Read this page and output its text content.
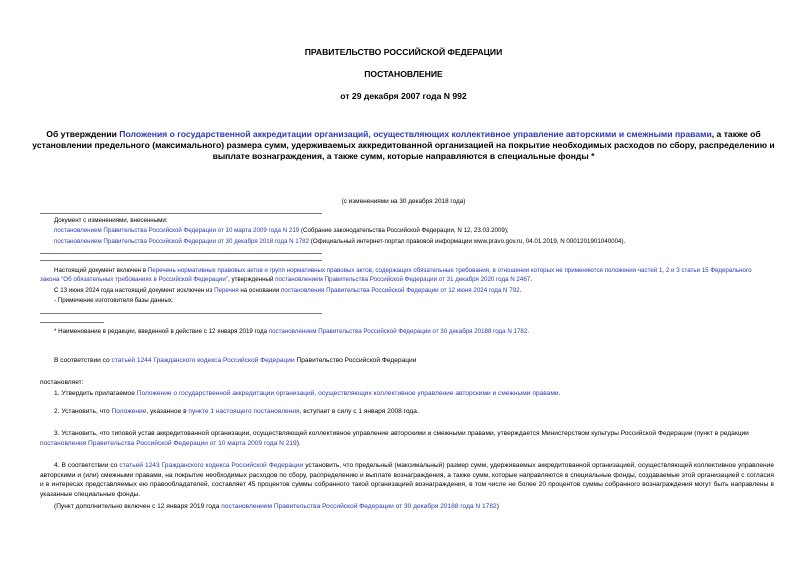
ПРАВИТЕЛЬСТВО РОССИЙСКОЙ ФЕДЕРАЦИИ
ПОСТАНОВЛЕНИЕ
от 29 декабря 2007 года N 992
Об утверждении Положения о государственной аккредитации организаций, осуществляющих коллективное управление авторскими и смежными правами, а также об установлении предельного (максимального) размера сумм, удерживаемых аккредитованной организацией на покрытие необходимых расходов по сбору, распределению и выплате вознаграждения, а также сумм, которые направляются в специальные фонды *
(с изменениями на 30 декабря 2018 года)
Документ с изменениями, внесенными:
постановлением Правительства Российской Федерации от 10 марта 2009 года N 219 (Собрание законодательства Российской Федерации, N 12, 23.03.2009);
постановлением Правительства Российской Федерации от 30 декабря 2018 года N 1782 (Официальный интернет-портал правовой информации www.pravo.gov.ru, 04.01.2019, N 0001201901040004).
Настоящий документ включен в Перечень нормативных правовых актов и групп нормативных правовых актов, содержащих обязательные требования, в отношении которых не применяются положения частей 1, 2 и 3 статьи 15 Федерального закона "Об обязательных требованиях в Российской Федерации", утвержденный постановлением Правительства Российской Федерации от 31 декабря 2020 года N 2467.
С 13 июня 2024 года настоящий документ исключен из Перечня на основании постановления Правительства Российской Федерации от 12 июня 2024 года N 792.
- Примечение изготовителя базы данных.
* Наименование в редакции, введенной в действие с 12 января 2019 года постановлением Правительства Российской Федерации от 30 декабря 20188 года N 1782.
В соответствии со статьей 1244 Гражданского кодекса Российской Федерации Правительство Российской Федерации
постановляет:
1. Утвердить прилагаемое Положение о государственной аккредитации организаций, осуществляющих коллективное управление авторскими и смежными правами.
2. Установить, что Положение, указанное в пункте 1 настоящего постановления, вступает в силу с 1 января 2008 года.
3. Установить, что типовой устав аккредитованной организации, осуществляющей коллективное управление авторскими и смежными правами, утверждается Министерством культуры Российской Федерации (пункт в редакции постановления Правительства Российской Федерации от 10 марта 2009 года N 219).
4. В соответствии со статьей 1243 Гражданского кодекса Российской Федерации установить, что предельный (максимальный) размер сумм, удерживаемых аккредитованной организацией, осуществляющей коллективное управление авторскими и (или) смежными правами, на покрытие необходимых расходов по сбору, распределению и выплате вознаграждения, а также сумм, которые направляются в специальные фонды, создаваемые этой организацией с согласия и в интересах представляемых ею правообладателей, составляет 45 процентов суммы собранного такой организацией вознаграждения, в том числе не более 20 процентов суммы собранного вознаграждения могут быть направлены в указанные специальные фонды.
(Пункт дополнительно включен с 12 января 2019 года постановлением Правительства Российской Федерации от 30 декабря 20188 года N 1782)
